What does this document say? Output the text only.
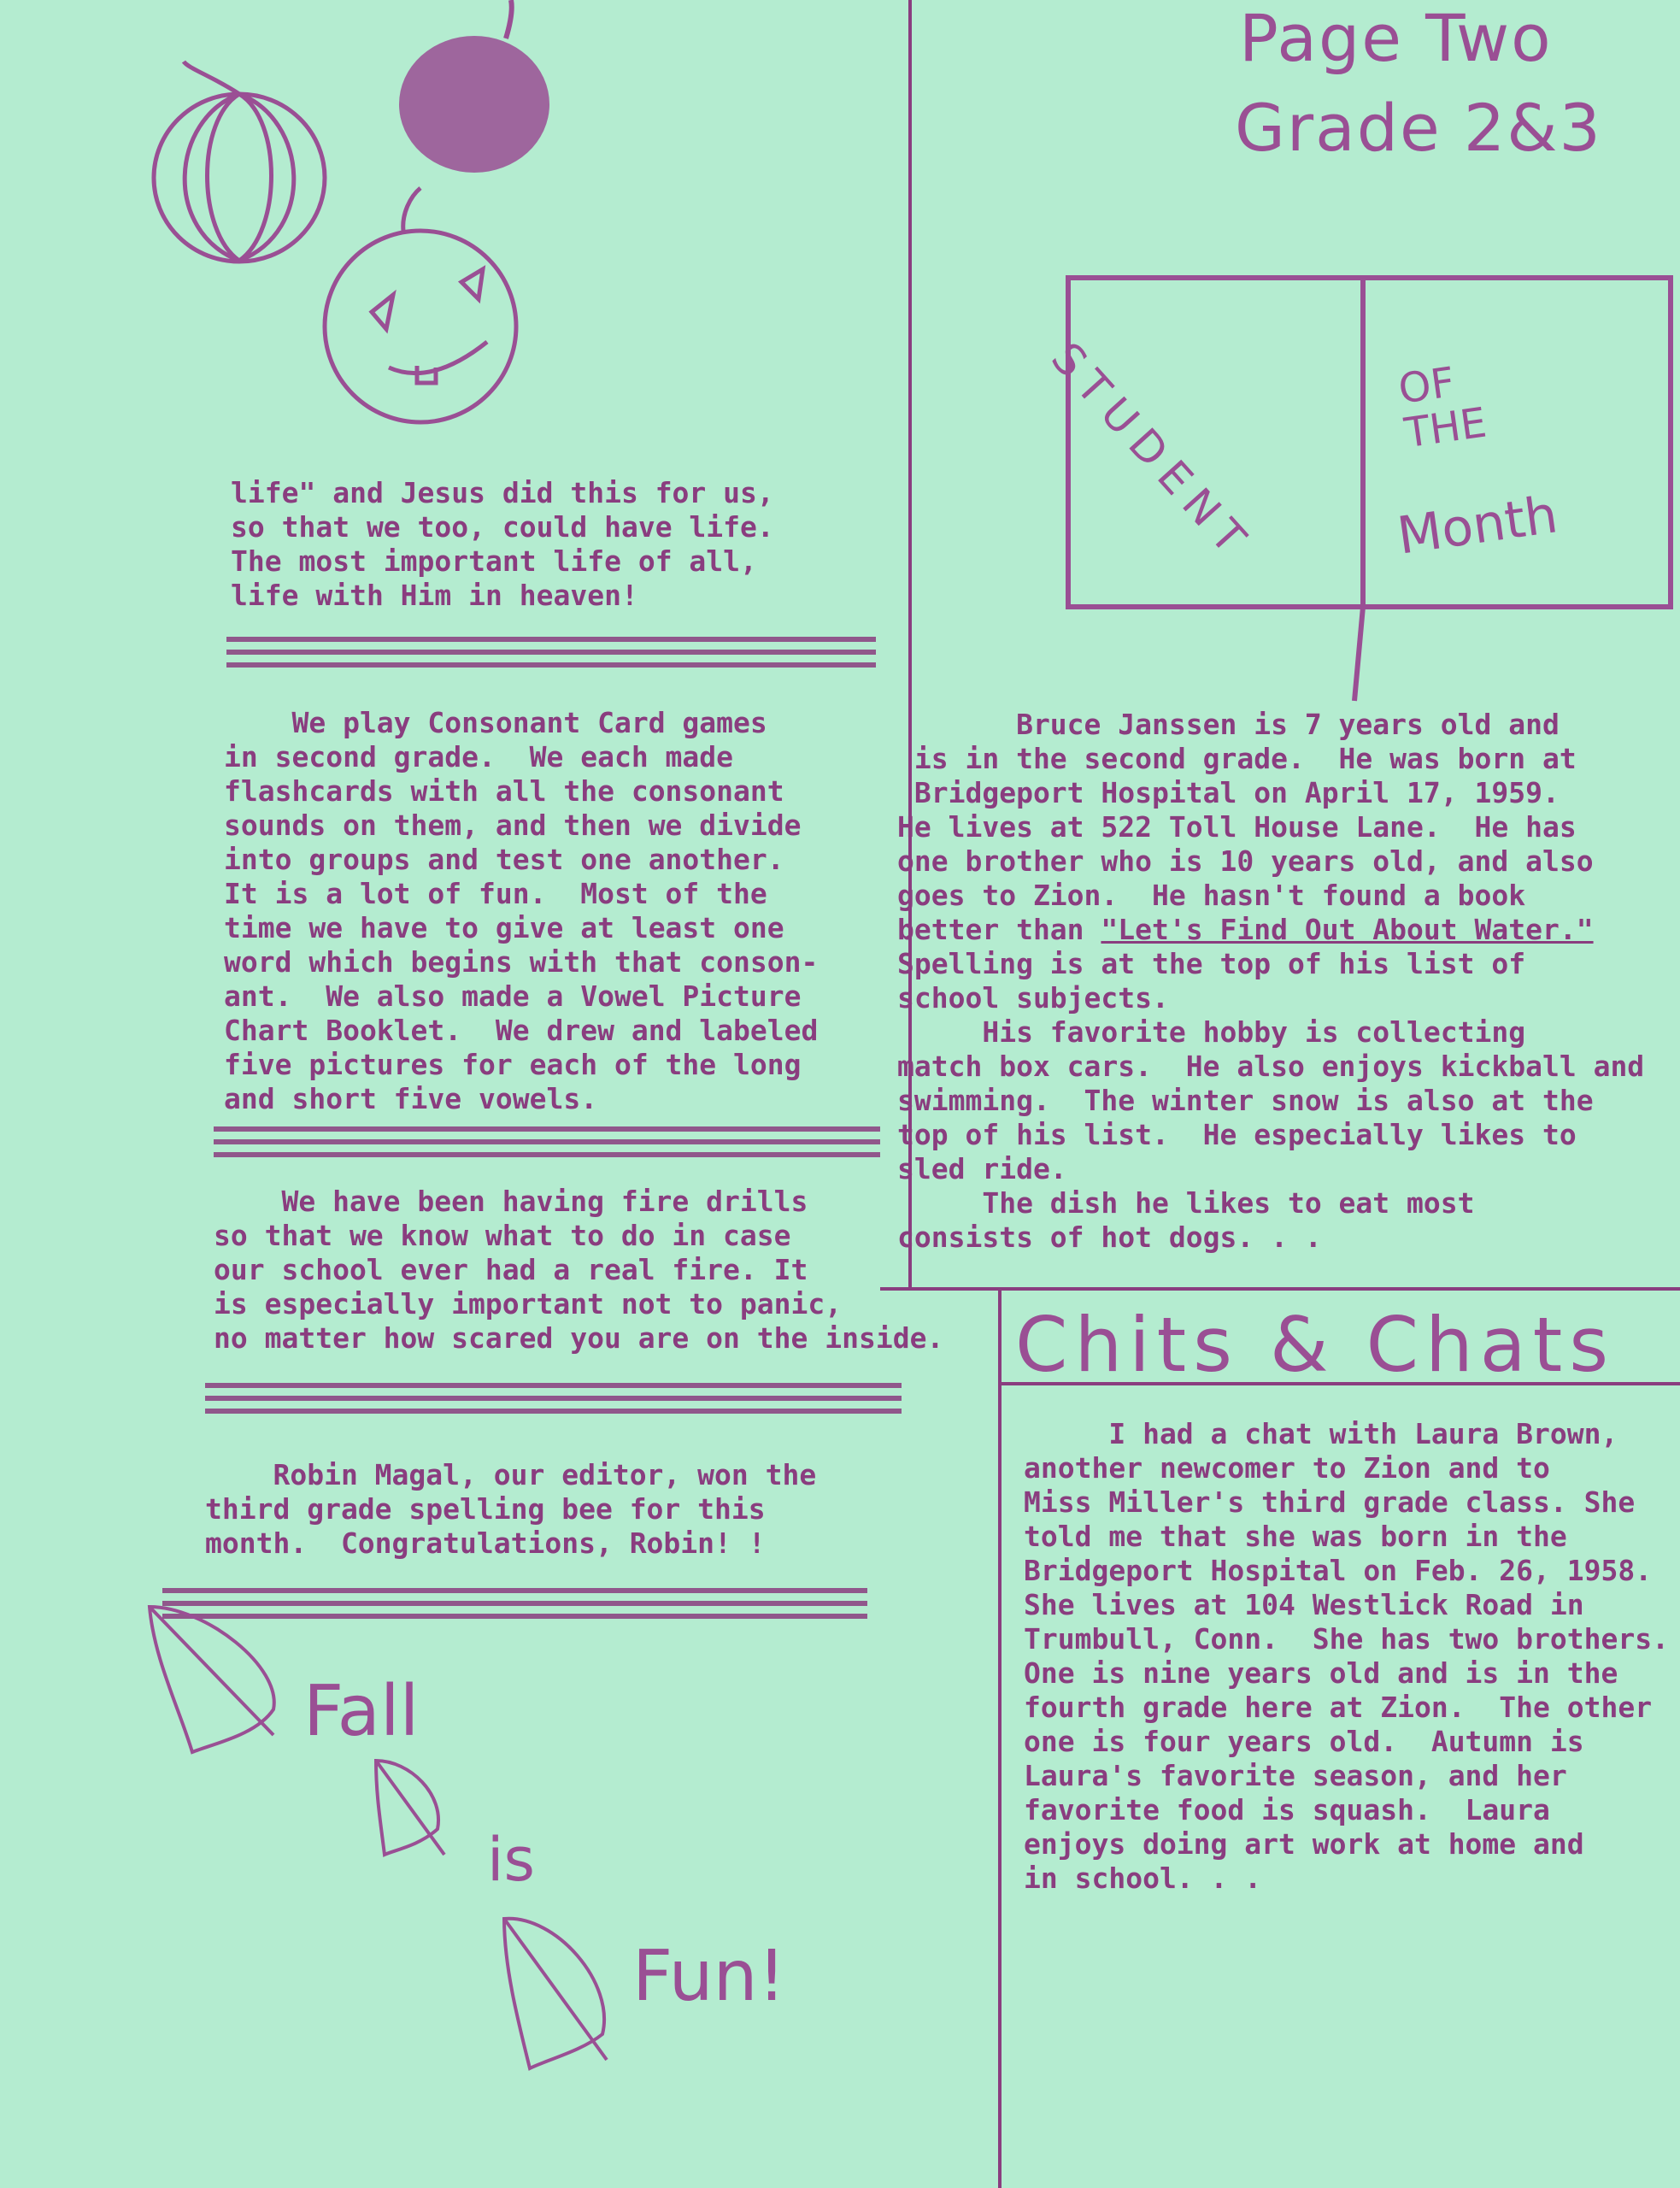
Page Two
Grade 2&3
life" and Jesus did this for us,
so that we too, could have life.
The most important life of all,
life with Him in heaven!
We play Consonant Card games
in second grade.  We each made
flashcards with all the consonant
sounds on them, and then we divide
into groups and test one another.
It is a lot of fun.  Most of the
time we have to give at least one
word which begins with that conson-
ant.  We also made a Vowel Picture
Chart Booklet.  We drew and labeled
five pictures for each of the long
and short five vowels.
We have been having fire drills
so that we know what to do in case
our school ever had a real fire. It
is especially important not to panic,
no matter how scared you are on the inside.
Robin Magal, our editor, won the
third grade spelling bee for this
month.  Congratulations, Robin! !
Fall
is
Fun!
STUDENT	OF THE
Month
Bruce Janssen is 7 years old and
is in the second grade.  He was born at
Bridgeport Hospital on April 17, 1959.
He lives at 522 Toll House Lane.  He has
one brother who is 10 years old, and also
goes to Zion.  He hasn't found a book
better than "Let's Find Out About Water."
Spelling is at the top of his list of
school subjects.
His favorite hobby is collecting
match box cars.  He also enjoys kickball and
swimming.  The winter snow is also at the
top of his list.  He especially likes to
sled ride.
The dish he likes to eat most
consists of hot dogs. . .
Chits & Chats
I had a chat with Laura Brown,
another newcomer to Zion and to
Miss Miller's third grade class. She
told me that she was born in the
Bridgeport Hospital on Feb. 26, 1958.
She lives at 104 Westlick Road in
Trumbull, Conn.  She has two brothers.
One is nine years old and is in the
fourth grade here at Zion.  The other
one is four years old.  Autumn is
Laura's favorite season, and her
favorite food is squash.  Laura
enjoys doing art work at home and
in school. . .
